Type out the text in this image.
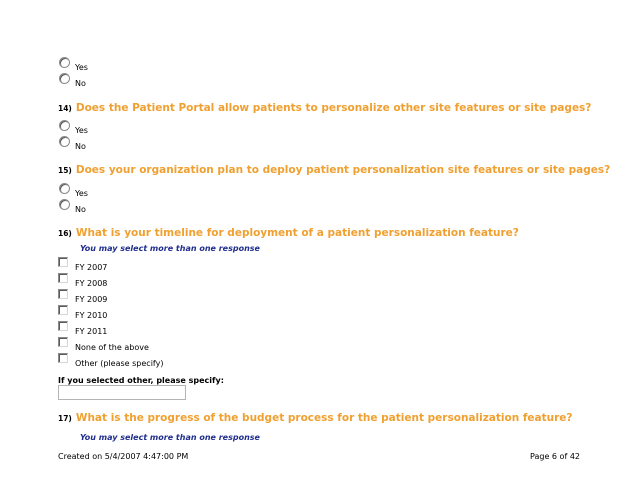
Yes
No
14) Does the Patient Portal allow patients to personalize other site features or site pages?
Yes
No
15) Does your organization plan to deploy patient personalization site features or site pages?
Yes
No
16) What is your timeline for deployment of a patient personalization feature?
You may select more than one response
FY 2007
FY 2008
FY 2009
FY 2010
FY 2011
None of the above
Other (please specify)
If you selected other, please specify:
17) What is the progress of the budget process for the patient personalization feature?
You may select more than one response
Created on 5/4/2007 4:47:00 PM	Page 6 of 42
